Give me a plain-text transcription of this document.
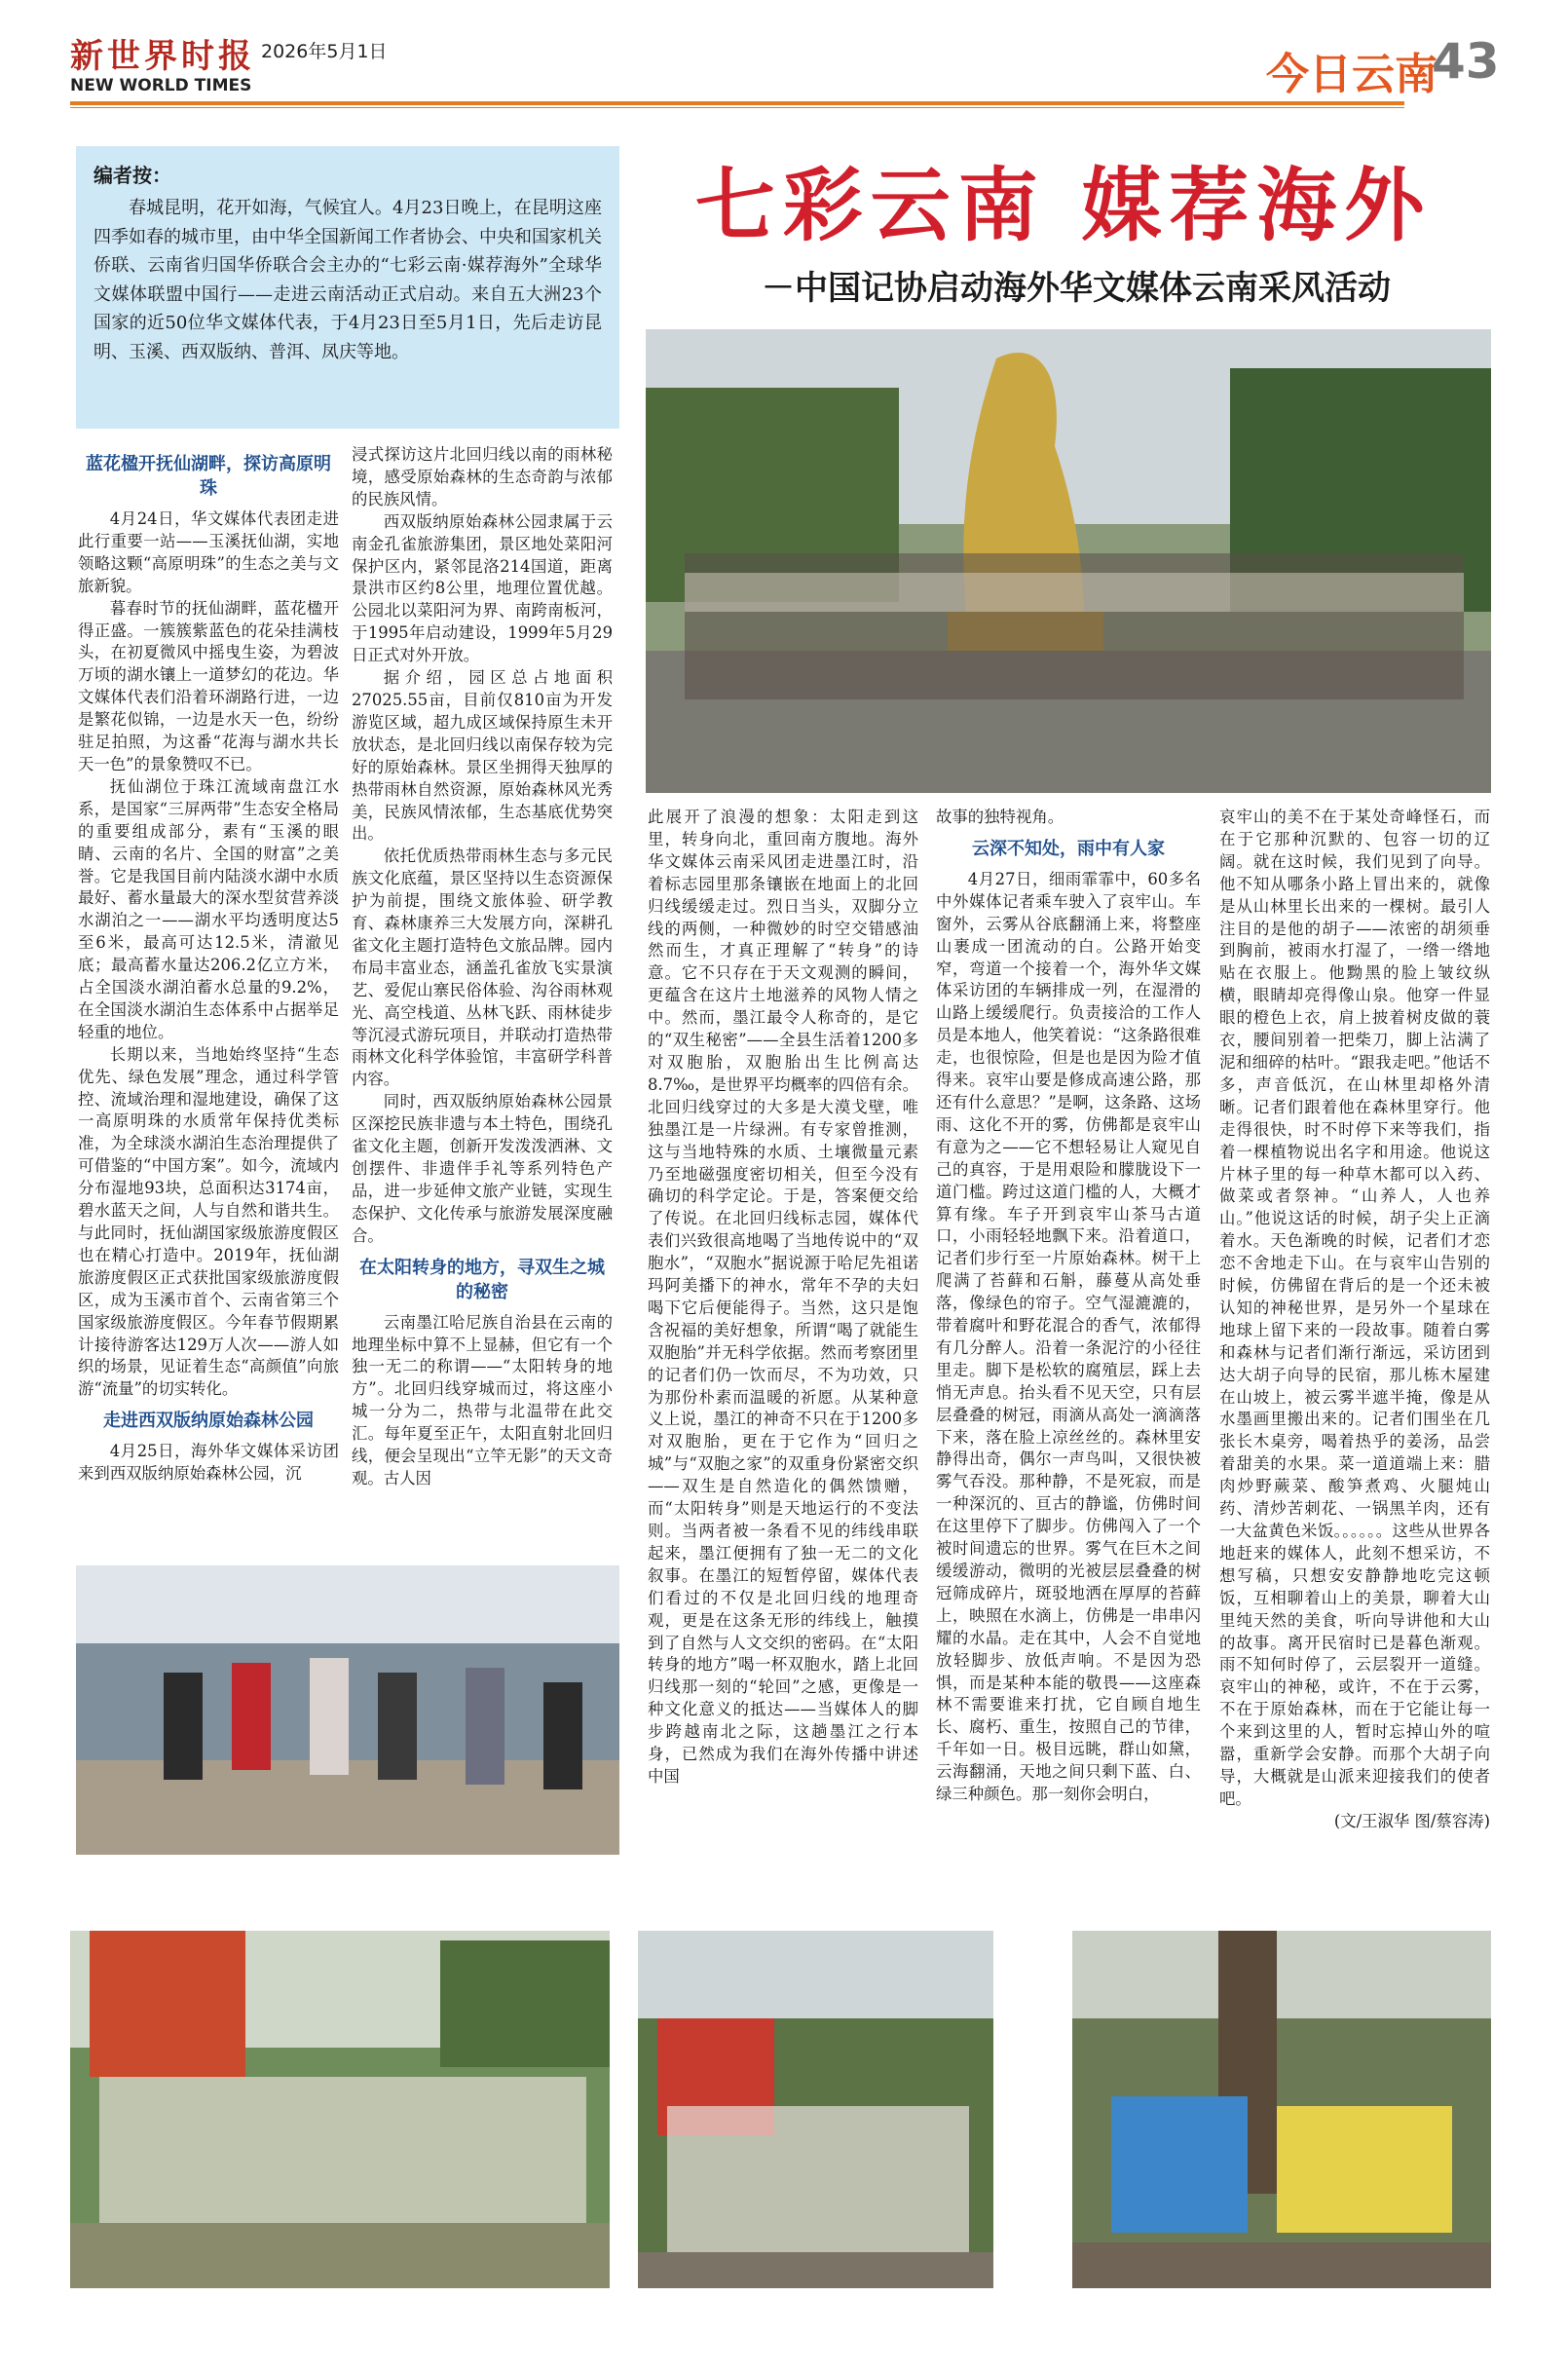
新世界时报 2026年5月1日
NEW WORLD TIMES	今日云南
43
编者按：

春城昆明，花开如海，气候宜人。4月23日晚上，在昆明这座四季如春的城市里，由中华全国新闻工作者协会、中央和国家机关侨联、云南省归国华侨联合会主办的“七彩云南·媒荐海外”全球华文媒体联盟中国行——走进云南活动正式启动。来自五大洲23个国家的近50位华文媒体代表，于4月23日至5月1日，先后走访昆明、玉溪、西双版纳、普洱、凤庆等地。

七彩云南 媒荐海外
－中国记协启动海外华文媒体云南采风活动
蓝花楹开抚仙湖畔，探访高原明珠

4月24日，华文媒体代表团走进此行重要一站——玉溪抚仙湖，实地领略这颗“高原明珠”的生态之美与文旅新貌。

暮春时节的抚仙湖畔，蓝花楹开得正盛。一簇簇紫蓝色的花朵挂满枝头，在初夏微风中摇曳生姿，为碧波万顷的湖水镶上一道梦幻的花边。华文媒体代表们沿着环湖路行进，一边是繁花似锦，一边是水天一色，纷纷驻足拍照，为这番“花海与湖水共长天一色”的景象赞叹不已。

抚仙湖位于珠江流域南盘江水系，是国家“三屏两带”生态安全格局的重要组成部分，素有“玉溪的眼睛、云南的名片、全国的财富”之美誉。它是我国目前内陆淡水湖中水质最好、蓄水量最大的深水型贫营养淡水湖泊之一——湖水平均透明度达5至6米，最高可达12.5米，清澈见底；最高蓄水量达206.2亿立方米，占全国淡水湖泊蓄水总量的9.2%，在全国淡水湖泊生态体系中占据举足轻重的地位。

长期以来，当地始终坚持“生态优先、绿色发展”理念，通过科学管控、流域治理和湿地建设，确保了这一高原明珠的水质常年保持优类标准，为全球淡水湖泊生态治理提供了可借鉴的“中国方案”。如今，流域内分布湿地93块，总面积达3174亩，碧水蓝天之间，人与自然和谐共生。与此同时，抚仙湖国家级旅游度假区也在精心打造中。2019年，抚仙湖旅游度假区正式获批国家级旅游度假区，成为玉溪市首个、云南省第三个国家级旅游度假区。今年春节假期累计接待游客达129万人次——游人如织的场景，见证着生态“高颜值”向旅游“流量”的切实转化。

走进西双版纳原始森林公园

4月25日，海外华文媒体采访团来到西双版纳原始森林公园，沉

浸式探访这片北回归线以南的雨林秘境，感受原始森林的生态奇韵与浓郁的民族风情。

西双版纳原始森林公园隶属于云南金孔雀旅游集团，景区地处菜阳河保护区内，紧邻昆洛214国道，距离景洪市区约8公里，地理位置优越。公园北以菜阳河为界、南跨南板河，于1995年启动建设，1999年5月29日正式对外开放。

据介绍，园区总占地面积27025.55亩，目前仅810亩为开发游览区域，超九成区域保持原生未开放状态，是北回归线以南保存较为完好的原始森林。景区坐拥得天独厚的热带雨林自然资源，原始森林风光秀美，民族风情浓郁，生态基底优势突出。

依托优质热带雨林生态与多元民族文化底蕴，景区坚持以生态资源保护为前提，围绕文旅体验、研学教育、森林康养三大发展方向，深耕孔雀文化主题打造特色文旅品牌。园内布局丰富业态，涵盖孔雀放飞实景演艺、爱伲山寨民俗体验、沟谷雨林观光、高空栈道、丛林飞跃、雨林徒步等沉浸式游玩项目，并联动打造热带雨林文化科学体验馆，丰富研学科普内容。

同时，西双版纳原始森林公园景区深挖民族非遗与本土特色，围绕孔雀文化主题，创新开发泼泼洒淋、文创摆件、非遗伴手礼等系列特色产品，进一步延伸文旅产业链，实现生态保护、文化传承与旅游发展深度融合。

在太阳转身的地方，寻双生之城的秘密

云南墨江哈尼族自治县在云南的地理坐标中算不上显赫，但它有一个独一无二的称谓——“太阳转身的地方”。北回归线穿城而过，将这座小城一分为二，热带与北温带在此交汇。每年夏至正午，太阳直射北回归线，便会呈现出“立竿无影”的天文奇观。古人因

此展开了浪漫的想象：太阳走到这里，转身向北，重回南方腹地。海外华文媒体云南采风团走进墨江时，沿着标志园里那条镶嵌在地面上的北回归线缓缓走过。烈日当头，双脚分立线的两侧，一种微妙的时空交错感油然而生，才真正理解了“转身”的诗意。它不只存在于天文观测的瞬间，更蕴含在这片土地滋养的风物人情之中。然而，墨江最令人称奇的，是它的“双生秘密”——全县生活着1200多对双胞胎，双胞胎出生比例高达8.7‰，是世界平均概率的四倍有余。北回归线穿过的大多是大漠戈壁，唯独墨江是一片绿洲。有专家曾推测，这与当地特殊的水质、土壤微量元素乃至地磁强度密切相关，但至今没有确切的科学定论。于是，答案便交给了传说。在北回归线标志园，媒体代表们兴致很高地喝了当地传说中的“双胞水”，“双胞水”据说源于哈尼先祖诺玛阿美播下的神水，常年不孕的夫妇喝下它后便能得子。当然，这只是饱含祝福的美好想象，所谓“喝了就能生双胞胎”并无科学依据。然而考察团里的记者们仍一饮而尽，不为功效，只为那份朴素而温暖的祈愿。从某种意义上说，墨江的神奇不只在于1200多对双胞胎，更在于它作为“回归之城”与“双胞之家”的双重身份紧密交织——双生是自然造化的偶然馈赠，而“太阳转身”则是天地运行的不变法则。当两者被一条看不见的纬线串联起来，墨江便拥有了独一无二的文化叙事。在墨江的短暂停留，媒体代表们看过的不仅是北回归线的地理奇观，更是在这条无形的纬线上，触摸到了自然与人文交织的密码。在“太阳转身的地方”喝一杯双胞水，踏上北回归线那一刻的“轮回”之感，更像是一种文化意义的抵达——当媒体人的脚步跨越南北之际，这趟墨江之行本身，已然成为我们在海外传播中讲述中国

故事的独特视角。

云深不知处，雨中有人家

4月27日，细雨霏霏中，60多名中外媒体记者乘车驶入了哀牢山。车窗外，云雾从谷底翻涌上来，将整座山裹成一团流动的白。公路开始变窄，弯道一个接着一个，海外华文媒体采访团的车辆排成一列，在湿滑的山路上缓缓爬行。负责接洽的工作人员是本地人，他笑着说：“这条路很难走，也很惊险，但是也是因为险才值得来。哀牢山要是修成高速公路，那还有什么意思？”是啊，这条路、这场雨、这化不开的雾，仿佛都是哀牢山有意为之——它不想轻易让人窥见自己的真容，于是用艰险和朦胧设下一道门槛。跨过这道门槛的人，大概才算有缘。车子开到哀牢山茶马古道口，小雨轻轻地飘下来。沿着道口，记者们步行至一片原始森林。树干上爬满了苔藓和石斛，藤蔓从高处垂落，像绿色的帘子。空气湿漉漉的，带着腐叶和野花混合的香气，浓郁得有几分醉人。沿着一条泥泞的小径往里走。脚下是松软的腐殖层，踩上去悄无声息。抬头看不见天空，只有层层叠叠的树冠，雨滴从高处一滴滴落下来，落在脸上凉丝丝的。森林里安静得出奇，偶尔一声鸟叫，又很快被雾气吞没。那种静，不是死寂，而是一种深沉的、亘古的静谧，仿佛时间在这里停下了脚步。仿佛闯入了一个被时间遗忘的世界。雾气在巨木之间缓缓游动，微明的光被层层叠叠的树冠筛成碎片，斑驳地洒在厚厚的苔藓上，映照在水滴上，仿佛是一串串闪耀的水晶。走在其中，人会不自觉地放轻脚步、放低声响。不是因为恐惧，而是某种本能的敬畏——这座森林不需要谁来打扰，它自顾自地生长、腐朽、重生，按照自己的节律，千年如一日。极目远眺，群山如黛，云海翻涌，天地之间只剩下蓝、白、绿三种颜色。那一刻你会明白，

哀牢山的美不在于某处奇峰怪石，而在于它那种沉默的、包容一切的辽阔。就在这时候，我们见到了向导。他不知从哪条小路上冒出来的，就像是从山林里长出来的一棵树。最引人注目的是他的胡子——浓密的胡须垂到胸前，被雨水打湿了，一绺一绺地贴在衣服上。他黝黑的脸上皱纹纵横，眼睛却亮得像山泉。他穿一件显眼的橙色上衣，肩上披着树皮做的蓑衣，腰间别着一把柴刀，脚上沾满了泥和细碎的枯叶。“跟我走吧。”他话不多，声音低沉，在山林里却格外清晰。记者们跟着他在森林里穿行。他走得很快，时不时停下来等我们，指着一棵植物说出名字和用途。他说这片林子里的每一种草木都可以入药、做菜或者祭神。“山养人，人也养山。”他说这话的时候，胡子尖上正滴着水。天色渐晚的时候，记者们才恋恋不舍地走下山。在与哀牢山告别的时候，仿佛留在背后的是一个还未被认知的神秘世界，是另外一个星球在地球上留下来的一段故事。随着白雾和森林与记者们渐行渐远，采访团到达大胡子向导的民宿，那儿栋木屋建在山坡上，被云雾半遮半掩，像是从水墨画里搬出来的。记者们围坐在几张长木桌旁，喝着热乎的姜汤，品尝着甜美的水果。菜一道道端上来：腊肉炒野蕨菜、酸笋煮鸡、火腿炖山药、清炒苦刺花、一锅黑羊肉，还有一大盆黄色米饭。。。。。。这些从世界各地赶来的媒体人，此刻不想采访，不想写稿，只想安安静静地吃完这顿饭，互相聊着山上的美景，聊着大山里纯天然的美食，听向导讲他和大山的故事。离开民宿时已是暮色渐观。雨不知何时停了，云层裂开一道缝。哀牢山的神秘，或许，不在于云雾，不在于原始森林，而在于它能让每一个来到这里的人，暂时忘掉山外的喧嚣，重新学会安静。而那个大胡子向导，大概就是山派来迎接我们的使者吧。

(文/王淑华 图/蔡容涛)
